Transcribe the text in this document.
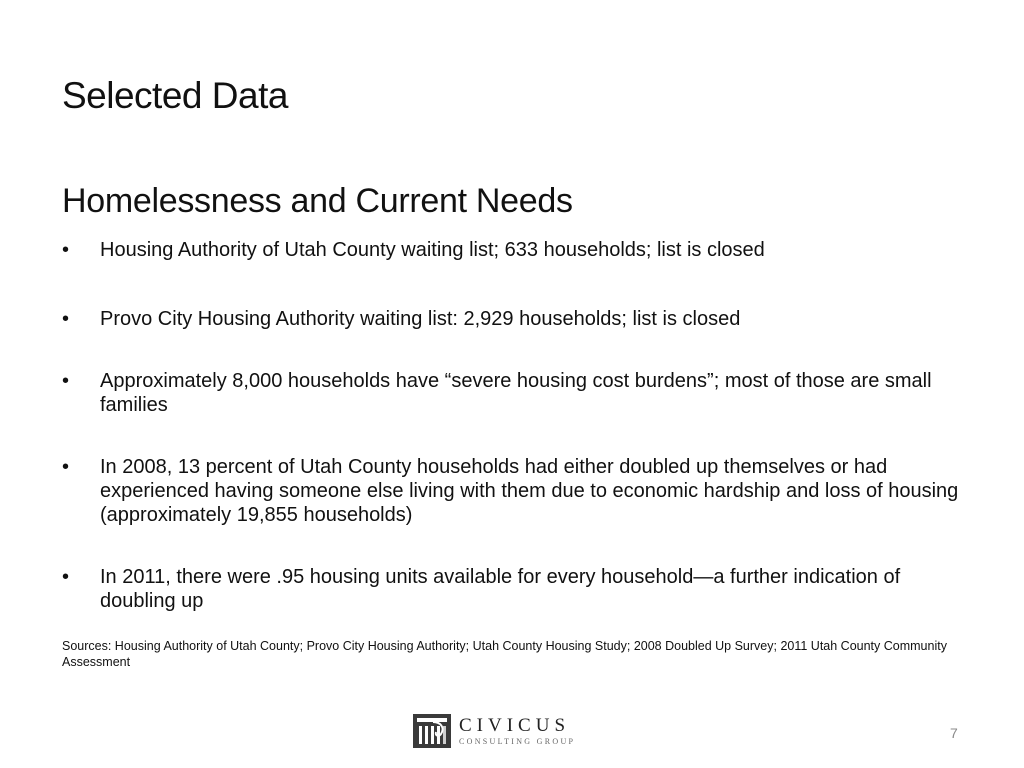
Selected Data
Homelessness and Current Needs
• Housing Authority of Utah County waiting list; 633 households; list is closed
• Provo City Housing Authority waiting list: 2,929 households; list is closed
• Approximately 8,000 households have “severe housing cost burdens”; most of those are small families
• In 2008, 13 percent of Utah County households had either doubled up themselves or had experienced having someone else living with them due to economic hardship and loss of housing (approximately 19,855 households)
• In 2011, there were .95 housing units available for every household—a further indication of doubling up
Sources: Housing Authority of Utah County; Provo City Housing Authority; Utah County Housing Study; 2008 Doubled Up Survey; 2011 Utah County Community Assessment
CIVICUS
CONSULTING GROUP
7
